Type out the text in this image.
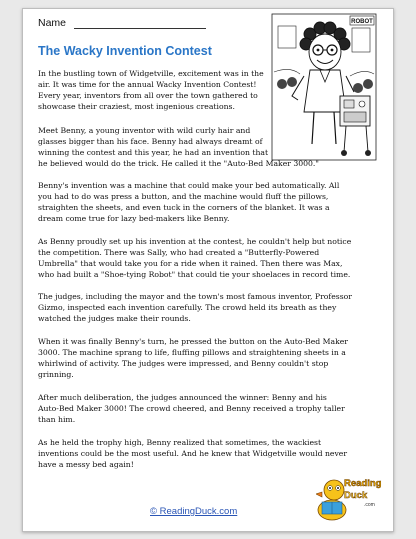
Name
The Wacky Invention Contest
ROBOT

In the bustling town of Widgetville, excitement was in the
air. It was time for the annual Wacky Invention Contest!
Every year, inventors from all over the town gathered to
showcase their craziest, most ingenious creations.

Meet Benny, a young inventor with wild curly hair and
glasses bigger than his face. Benny had always dreamt of
winning the contest and this year, he had an invention that
he believed would do the trick. He called it the "Auto-Bed Maker 3000."

Benny's invention was a machine that could make your bed automatically. All
you had to do was press a button, and the machine would fluff the pillows,
straighten the sheets, and even tuck in the corners of the blanket. It was a
dream come true for lazy bed-makers like Benny.

As Benny proudly set up his invention at the contest, he couldn't help but notice
the competition. There was Sally, who had created a "Butterfly-Powered
Umbrella" that would take you for a ride when it rained. Then there was Max,
who had built a "Shoe-tying Robot" that could tie your shoelaces in record time.

The judges, including the mayor and the town's most famous inventor, Professor
Gizmo, inspected each invention carefully. The crowd held its breath as they
watched the judges make their rounds.

When it was finally Benny's turn, he pressed the button on the Auto-Bed Maker
3000. The machine sprang to life, fluffing pillows and straightening sheets in a
whirlwind of activity. The judges were impressed, and Benny couldn't stop
grinning.

After much deliberation, the judges announced the winner: Benny and his
Auto-Bed Maker 3000! The crowd cheered, and Benny received a trophy taller
than him.

As he held the trophy high, Benny realized that sometimes, the wackiest
inventions could be the most useful. And he knew that Widgetville would never
have a messy bed again!

© ReadingDuck.com
Reading
Duck
.com
